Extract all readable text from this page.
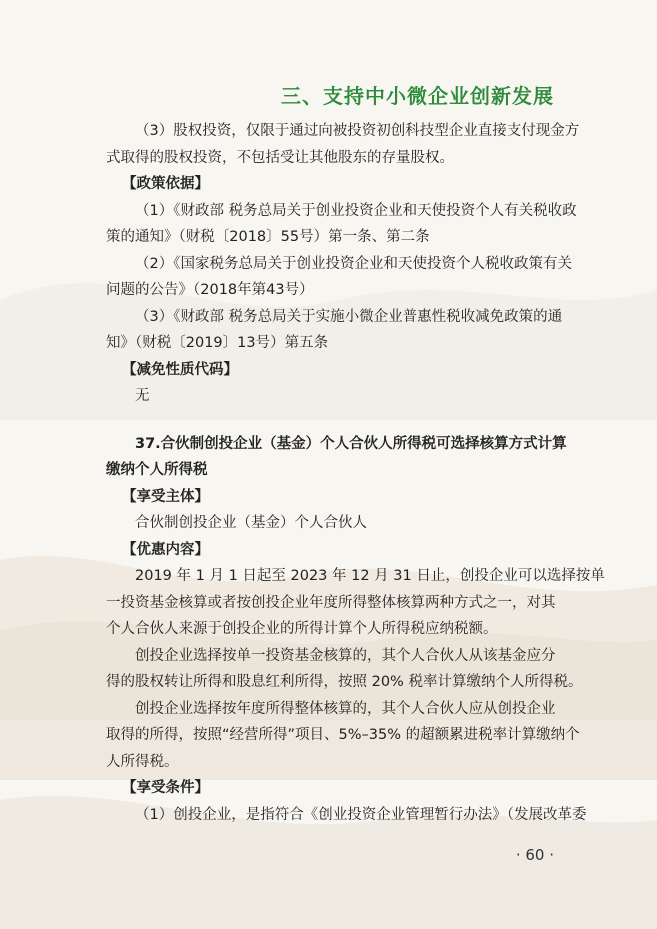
三、支持中小微企业创新发展

（3）股权投资，仅限于通过向被投资初创科技型企业直接支付现金方

式取得的股权投资，不包括受让其他股东的存量股权。

【政策依据】

（1）《财政部 税务总局关于创业投资企业和天使投资个人有关税收政

策的通知》（财税〔2018〕55号）第一条、第二条

（2）《国家税务总局关于创业投资企业和天使投资个人税收政策有关

问题的公告》（2018年第43号）

（3）《财政部 税务总局关于实施小微企业普惠性税收减免政策的通

知》（财税〔2019〕13号）第五条

【减免性质代码】

无

37.合伙制创投企业（基金）个人合伙人所得税可选择核算方式计算

缴纳个人所得税

【享受主体】

合伙制创投企业（基金）个人合伙人

【优惠内容】

2019 年 1 月 1 日起至 2023 年 12 月 31 日止，创投企业可以选择按单

一投资基金核算或者按创投企业年度所得整体核算两种方式之一，对其

个人合伙人来源于创投企业的所得计算个人所得税应纳税额。

创投企业选择按单一投资基金核算的，其个人合伙人从该基金应分

得的股权转让所得和股息红利所得，按照 20% 税率计算缴纳个人所得税。

创投企业选择按年度所得整体核算的，其个人合伙人应从创投企业

取得的所得，按照“经营所得”项目、5%–35% 的超额累进税率计算缴纳个

人所得税。

【享受条件】

（1）创投企业，是指符合《创业投资企业管理暂行办法》（发展改革委

· 60 ·
